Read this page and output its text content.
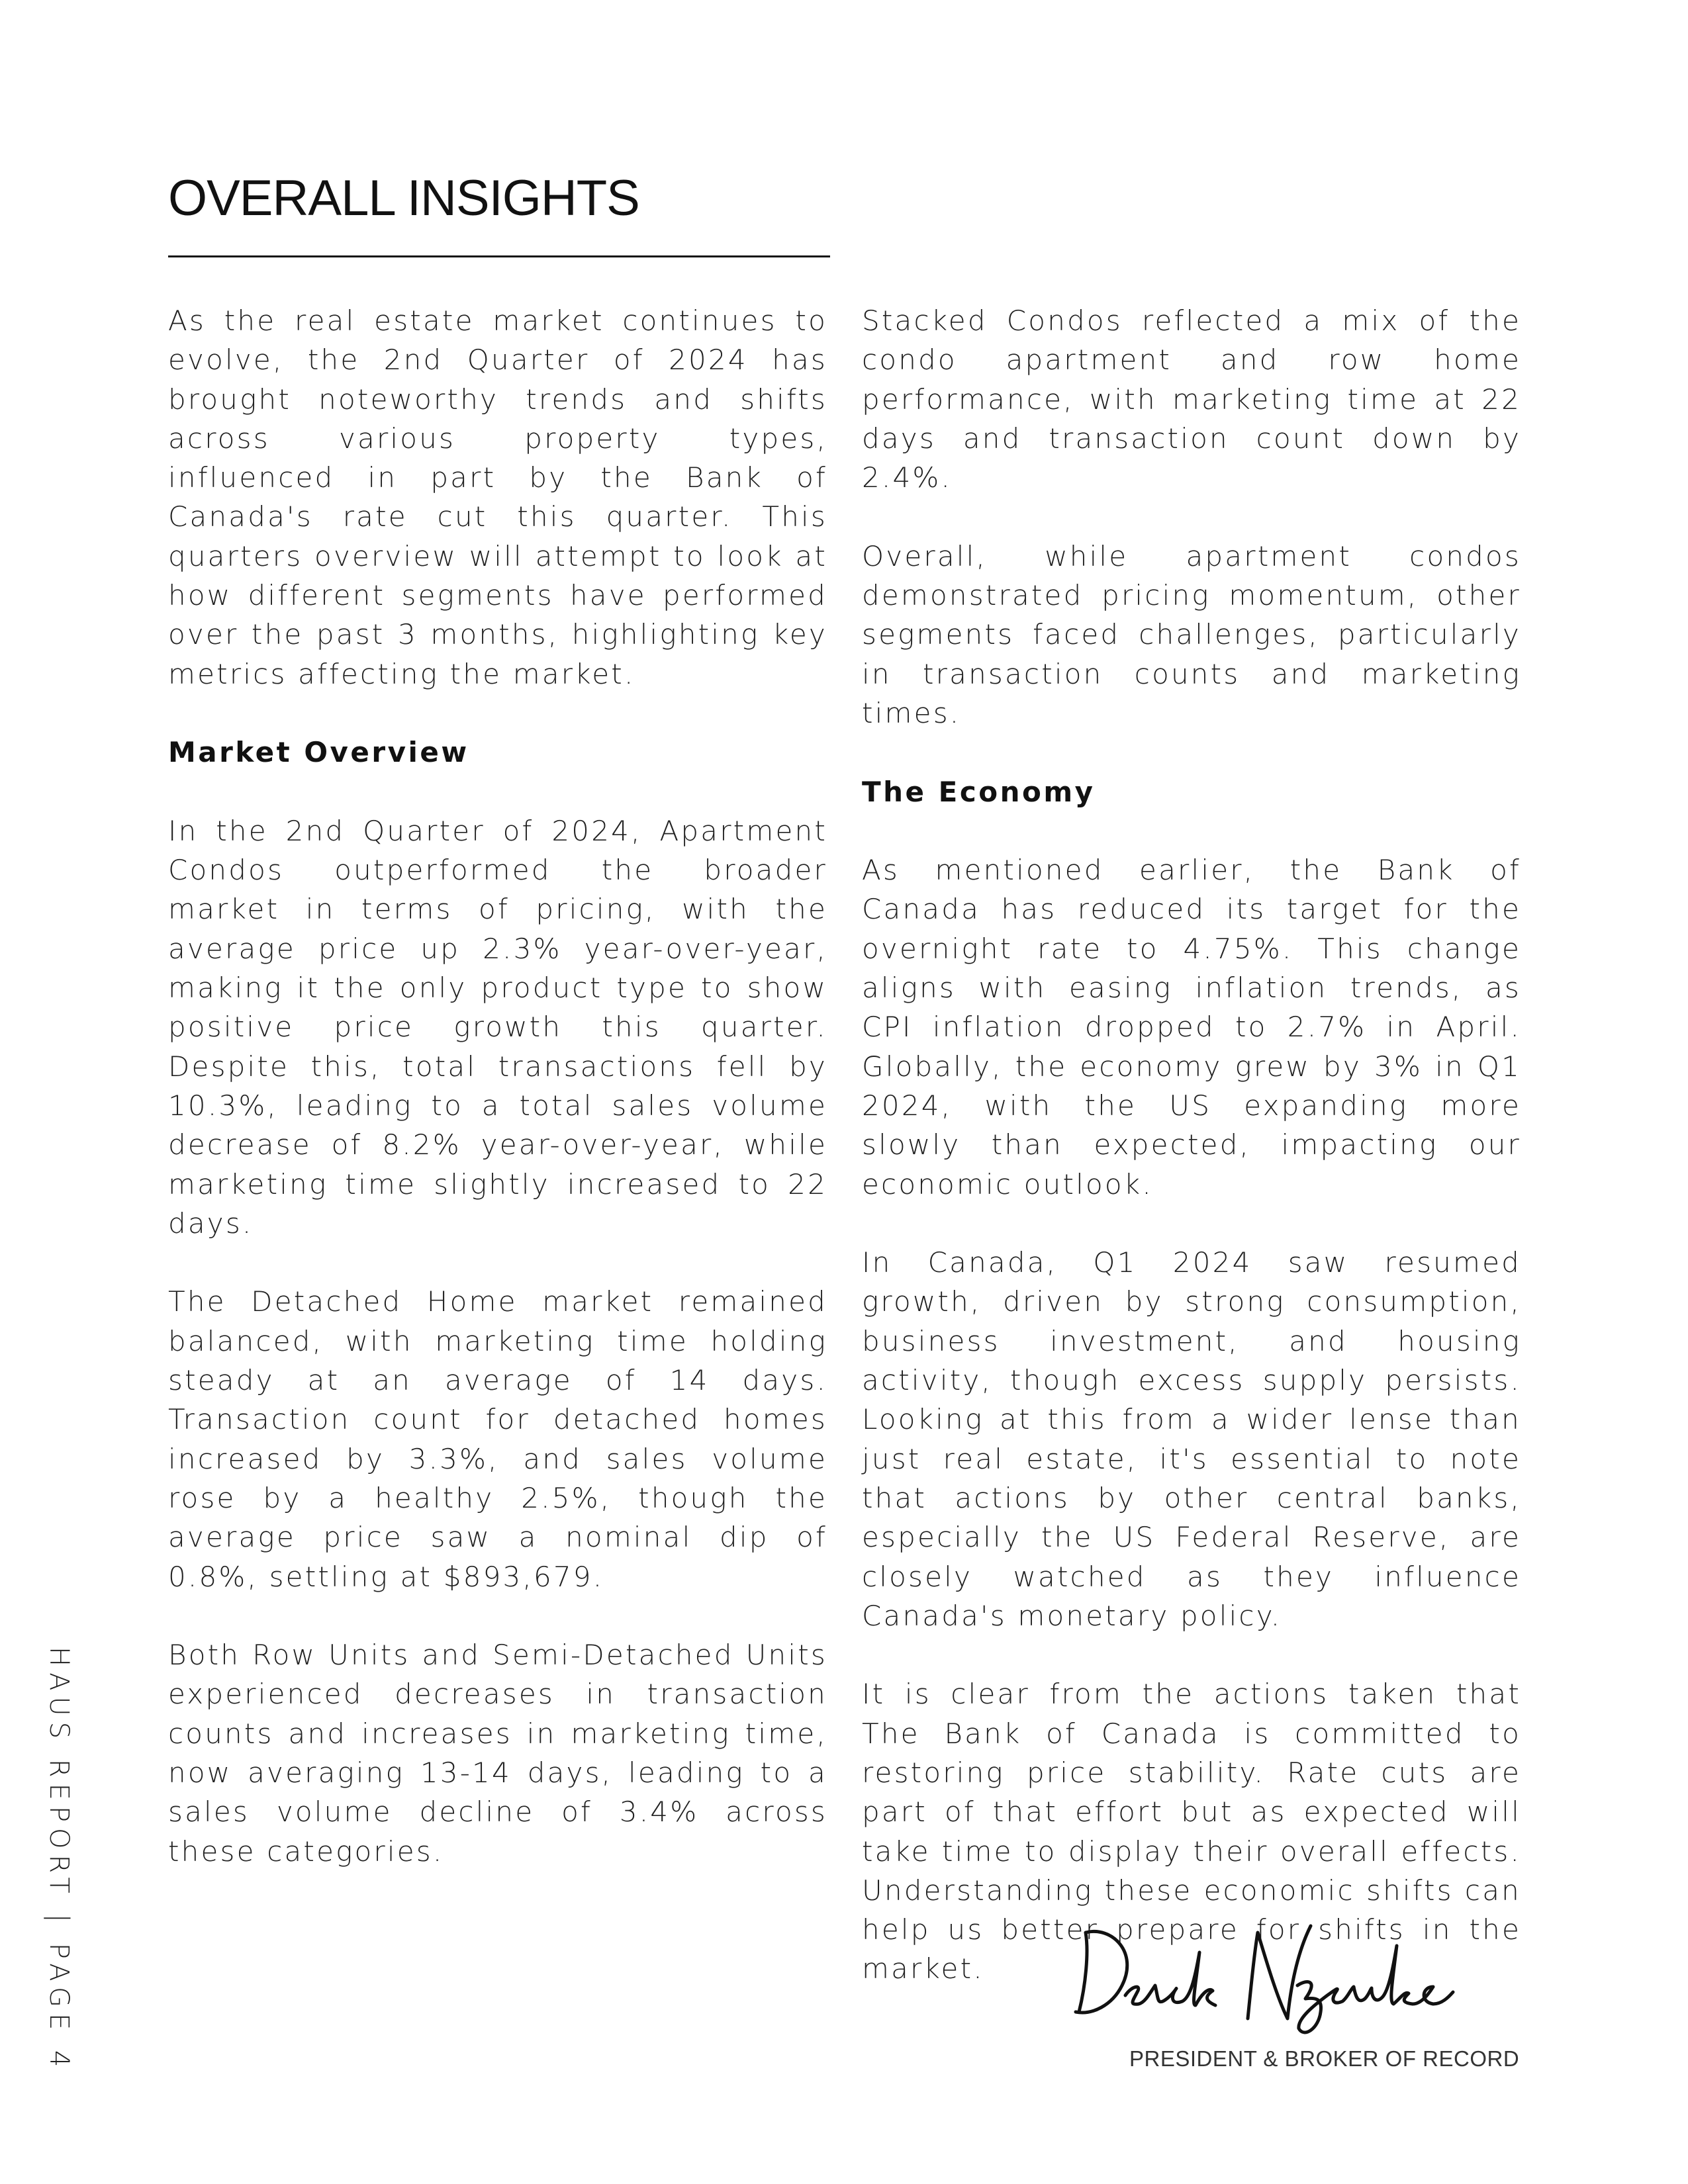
OVERALL INSIGHTS

As the real estate market continues to evolve, the 2nd Quarter of 2024 has brought noteworthy trends and shifts across various property types, influenced in part by the Bank of Canada's rate cut this quarter. This quarters overview will attempt to look at how different segments have performed over the past 3 months, highlighting key metrics affecting the market.

Market Overview

In the 2nd Quarter of 2024, Apartment Condos outperformed the broader market in terms of pricing, with the average price up 2.3% year-over-year, making it the only product type to show positive price growth this quarter. Despite this, total transactions fell by 10.3%, leading to a total sales volume decrease of 8.2% year-over-year, while marketing time slightly increased to 22 days.

The Detached Home market remained balanced, with marketing time holding steady at an average of 14 days. Transaction count for detached homes increased by 3.3%, and sales volume rose by a healthy 2.5%, though the average price saw a nominal dip of 0.8%, settling at $893,679.

Both Row Units and Semi-Detached Units experienced decreases in transaction counts and increases in marketing time, now averaging 13-14 days, leading to a sales volume decline of 3.4% across these categories.

Stacked Condos reflected a mix of the condo apartment and row home performance, with marketing time at 22 days and transaction count down by 2.4%.

Overall, while apartment condos demonstrated pricing momentum, other segments faced challenges, particularly in transaction counts and marketing times.

The Economy

As mentioned earlier, the Bank of Canada has reduced its target for the overnight rate to 4.75%. This change aligns with easing inflation trends, as CPI inflation dropped to 2.7% in April. Globally, the economy grew by 3% in Q1 2024, with the US expanding more slowly than expected, impacting our economic outlook.

In Canada, Q1 2024 saw resumed growth, driven by strong consumption, business investment, and housing activity, though excess supply persists. Looking at this from a wider lense than just real estate, it's essential to note that actions by other central banks, especially the US Federal Reserve, are closely watched as they influence Canada's monetary policy.

It is clear from the actions taken that The Bank of Canada is committed to restoring price stability. Rate cuts are part of that effort but as expected will take time to display their overall effects. Understanding these economic shifts can help us better prepare for shifts in the market.

HAUS REPORT | PAGE 4	PRESIDENT & BROKER OF RECORD
